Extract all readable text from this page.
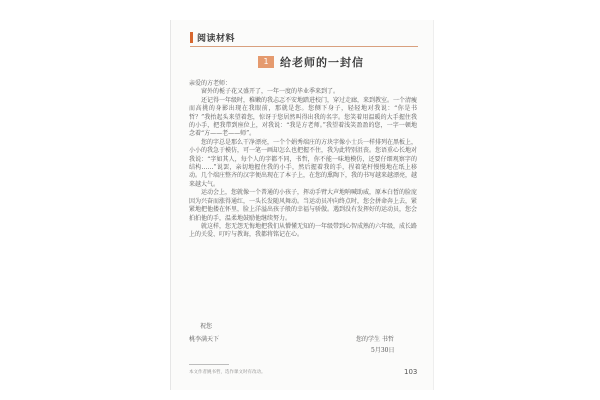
阅读材料
1	给老师的一封信

亲爱的方老师：

窗外的栀子花又盛开了，一年一度的毕业季来到了。

还记得一年级时，稚嫩的我忐忑不安地踏进校门，穿过走廊，来到教室。一个清瘦而高挑的身影出现在我眼前，那就是您。您侧下身子，轻轻地对我说：“你是书哲？”我抬起头来望着您，惊讶于您居然叫得出我的名字。您笑着用温暖的大手握住我的小手，把我带到座位上，对我说：“我是方老师。”我望着浅笑盈盈的您，一字一顿地念着“方——老——师”。

您的字总是那么干净漂亮，一个个娟秀端庄的方块字像小士兵一样排列在黑板上，小小的我急于模仿，可一笔一画却怎么也把握不住，我为此特别沮丧。您语重心长地对我说：“字如其人，每个人的字都不同，书哲，你不能一味地模仿，还要仔细观察字的结构……”说罢，亲切地握住我的小手，然后握着我的手，捏着笔杆慢慢地在纸上移动。几个端庄整齐的汉字便出现在了本子上，在您的熏陶下，我的书写越来越漂亮，越来越大气。

运动会上，您就像一个普通的小孩子，挥动手臂大声地呐喊助威，原本白皙的脸庞因为兴奋而涨得通红，一头长发随风舞动。当运动员冲向终点时，您会拼命奔上去，紧紧地把他搂在怀里，脸上洋溢出孩子般的幸福与骄傲。遇到没有发挥好的运动员，您会拍拍他的手，温柔地鼓励他继续努力。

就这样，您无怨无悔地把我们从懵懂无知的一年级带到心智成熟的六年级，成长路上的关爱、叮咛与教诲，我都将铭记在心。

祝您
桃李满天下	您的学生 书哲
5月30日
本文作者姚书哲，选作课文时有改动。	103
